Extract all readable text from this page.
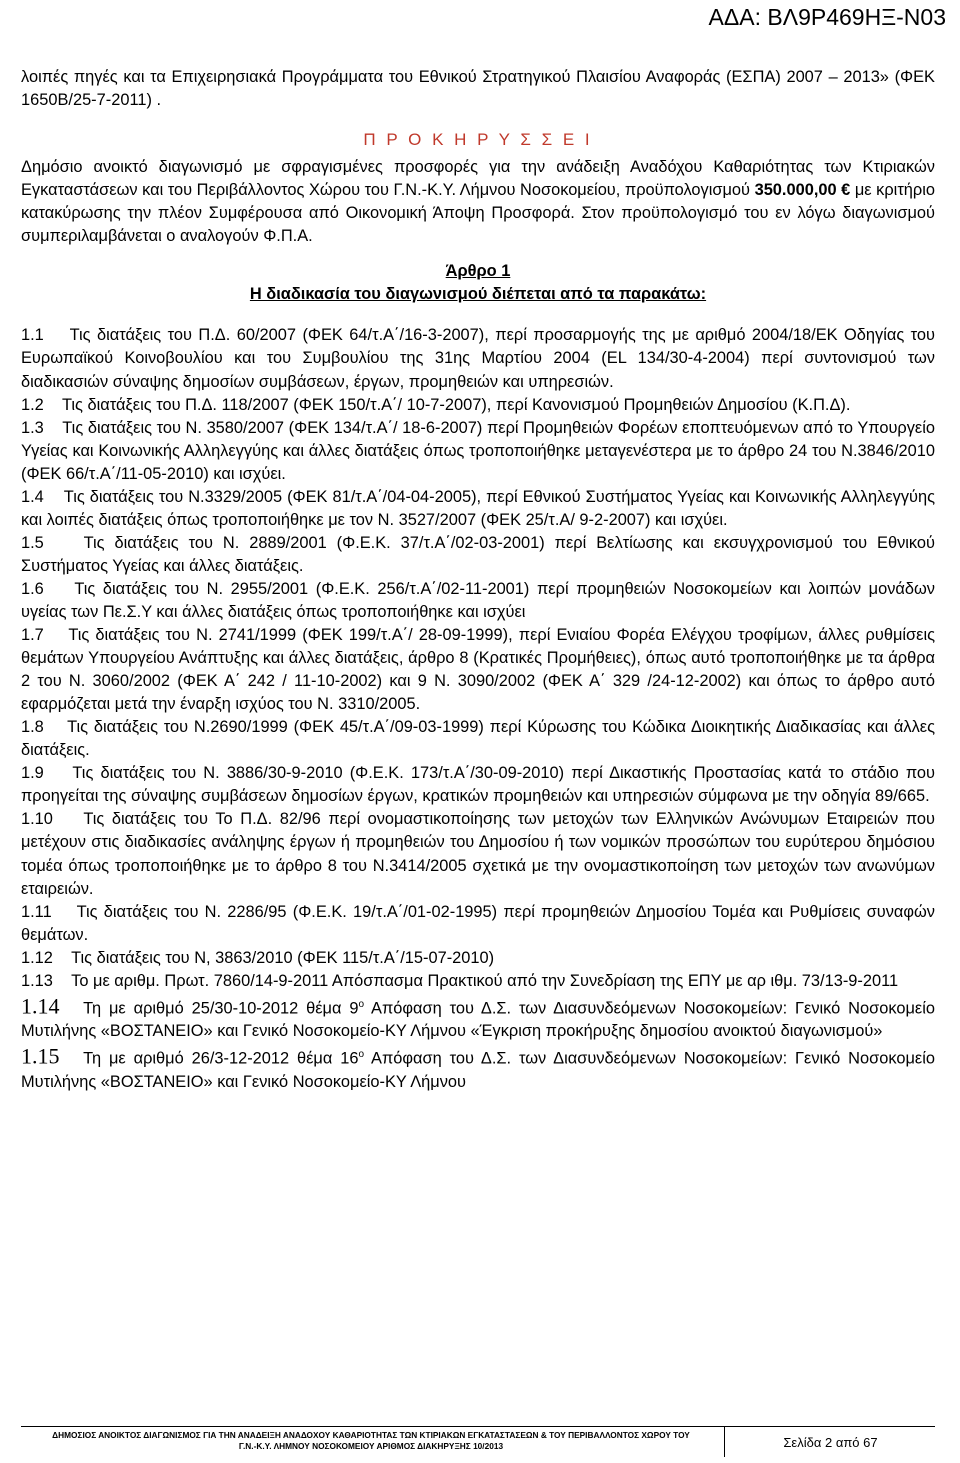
ΑΔΑ: ΒΛ9Ρ469ΗΞ-Ν03

λοιπές πηγές και τα Επιχειρησιακά Προγράμματα του Εθνικού Στρατηγικού Πλαισίου Αναφοράς (ΕΣΠΑ) 2007 – 2013» (ΦΕΚ 1650Β/25-7-2011) .

Π Ρ Ο Κ Η Ρ Υ Σ Σ Ε Ι

Δημόσιο ανοικτό διαγωνισμό με σφραγισμένες προσφορές για την ανάδειξη Αναδόχου Καθαριότητας των Κτιριακών Εγκαταστάσεων και του Περιβάλλοντος Χώρου του Γ.Ν.-Κ.Υ. Λήμνου Νοσοκομείου, προϋπολογισμού 350.000,00 € με κριτήριο κατακύρωσης την πλέον Συμφέρουσα από Οικονομική Άποψη Προσφορά. Στον προϋπολογισμό του εν λόγω διαγωνισμού συμπεριλαμβάνεται ο αναλογούν Φ.Π.Α.

Άρθρο 1

Η διαδικασία του διαγωνισμού διέπεται από τα παρακάτω:

1.1 Τις διατάξεις του Π.Δ. 60/2007 (ΦΕΚ 64/τ.Α΄/16-3-2007), περί προσαρμογής της με αριθμό 2004/18/ΕΚ Οδηγίας του Ευρωπαϊκού Κοινοβουλίου και του Συμβουλίου της 31ης Μαρτίου 2004 (EL 134/30-4-2004) περί συντονισμού των διαδικασιών σύναψης δημοσίων συμβάσεων, έργων, προμηθειών και υπηρεσιών.

1.2 Τις διατάξεις του Π.Δ. 118/2007 (ΦΕΚ 150/τ.Α΄/ 10-7-2007), περί Κανονισμού Προμηθειών Δημοσίου (Κ.Π.Δ).

1.3 Τις διατάξεις του Ν. 3580/2007 (ΦΕΚ 134/τ.Α΄/ 18-6-2007) περί Προμηθειών Φορέων εποπτευόμενων από το Υπουργείο Υγείας και Κοινωνικής Αλληλεγγύης και άλλες διατάξεις όπως τροποποιήθηκε μεταγενέστερα με το άρθρο 24 του Ν.3846/2010 (ΦΕΚ 66/τ.Α΄/11-05-2010) και ισχύει.

1.4 Τις διατάξεις του Ν.3329/2005 (ΦΕΚ 81/τ.Α΄/04-04-2005), περί Εθνικού Συστήματος Υγείας και Κοινωνικής Αλληλεγγύης και λοιπές διατάξεις όπως τροποποιήθηκε με τον Ν. 3527/2007 (ΦΕΚ 25/τ.Α/ 9-2-2007) και ισχύει.

1.5 Τις διατάξεις του Ν. 2889/2001 (Φ.Ε.Κ. 37/τ.Α΄/02-03-2001) περί Βελτίωσης και εκσυγχρονισμού του Εθνικού Συστήματος Υγείας και άλλες διατάξεις.

1.6 Τις διατάξεις του Ν. 2955/2001 (Φ.Ε.Κ. 256/τ.Α΄/02-11-2001) περί προμηθειών Νοσοκομείων και λοιπών μονάδων υγείας των Πε.Σ.Υ και άλλες διατάξεις όπως τροποποιήθηκε και ισχύει

1.7 Τις διατάξεις του Ν. 2741/1999 (ΦΕΚ 199/τ.Α΄/ 28-09-1999), περί Ενιαίου Φορέα Ελέγχου τροφίμων, άλλες ρυθμίσεις θεμάτων Υπουργείου Ανάπτυξης και άλλες διατάξεις, άρθρο 8 (Κρατικές Προμήθειες), όπως αυτό τροποποιήθηκε με τα άρθρα 2 του Ν. 3060/2002 (ΦΕΚ Α΄ 242 / 11-10-2002) και 9 Ν. 3090/2002 (ΦΕΚ Α΄ 329 /24-12-2002) και όπως το άρθρο αυτό εφαρμόζεται μετά την έναρξη ισχύος του Ν. 3310/2005.

1.8 Τις διατάξεις του Ν.2690/1999 (ΦΕΚ 45/τ.Α΄/09-03-1999) περί Κύρωσης του Κώδικα Διοικητικής Διαδικασίας και άλλες διατάξεις.

1.9 Τις διατάξεις του Ν. 3886/30-9-2010 (Φ.Ε.Κ. 173/τ.Α΄/30-09-2010) περί Δικαστικής Προστασίας κατά το στάδιο που προηγείται της σύναψης συμβάσεων δημοσίων έργων, κρατικών προμηθειών και υπηρεσιών σύμφωνα με την οδηγία 89/665.

1.10 Τις διατάξεις του Το Π.Δ. 82/96 περί ονομαστικοποίησης των μετοχών των Ελληνικών Ανώνυμων Εταιρειών που μετέχουν στις διαδικασίες ανάληψης έργων ή προμηθειών του Δημοσίου ή των νομικών προσώπων του ευρύτερου δημόσιου τομέα όπως τροποποιήθηκε με το άρθρο 8 του Ν.3414/2005 σχετικά με την ονομαστικοποίηση των μετοχών των ανωνύμων εταιρειών.

1.11 Τις διατάξεις του Ν. 2286/95 (Φ.Ε.Κ. 19/τ.Α΄/01-02-1995) περί προμηθειών Δημοσίου Τομέα και Ρυθμίσεις συναφών θεμάτων.

1.12 Τις διατάξεις του Ν, 3863/2010 (ΦΕΚ 115/τ.Α΄/15-07-2010)

1.13 Το με αριθμ. Πρωτ. 7860/14-9-2011 Απόσπασμα Πρακτικού από την Συνεδρίαση της ΕΠΥ με αρ ιθμ. 73/13-9-2011

1.14 Τη με αριθμό 25/30-10-2012 θέμα $9^o$ Απόφαση του Δ.Σ. των Διασυνδεόμενων Νοσοκομείων: Γενικό Νοσοκομείο Μυτιλήνης «ΒΟΣΤΑΝΕΙΟ» και Γενικό Νοσοκομείο-ΚΥ Λήμνου «Έγκριση προκήρυξης δημοσίου ανοικτού διαγωνισμού»

1.15 Τη με αριθμό 26/3-12-2012 θέμα $16^o$ Απόφαση του Δ.Σ. των Διασυνδεόμενων Νοσοκομείων: Γενικό Νοσοκομείο Μυτιλήνης «ΒΟΣΤΑΝΕΙΟ» και Γενικό Νοσοκομείο-ΚΥ Λήμνου

ΔΗΜΟΣΙΟΣ ΑΝΟΙΚΤΟΣ ΔΙΑΓΩΝΙΣΜΟΣ ΓΙΑ ΤΗΝ ΑΝΑΔΕΙΞΗ ΑΝΑΔΟΧΟΥ ΚΑΘΑΡΙΟΤΗΤΑΣ ΤΩΝ ΚΤΙΡΙΑΚΩΝ ΕΓΚΑΤΑΣΤΑΣΕΩΝ & ΤΟΥ ΠΕΡΙΒΑΛΛΟΝΤΟΣ ΧΩΡΟΥ ΤΟΥ
Γ.Ν.-Κ.Υ. ΛΗΜΝΟΥ ΝΟΣΟΚΟΜΕΙΟΥ ΑΡΙΘΜΟΣ ΔΙΑΚΗΡΥΞΗΣ 10/2013	Σελίδα 2 από 67
